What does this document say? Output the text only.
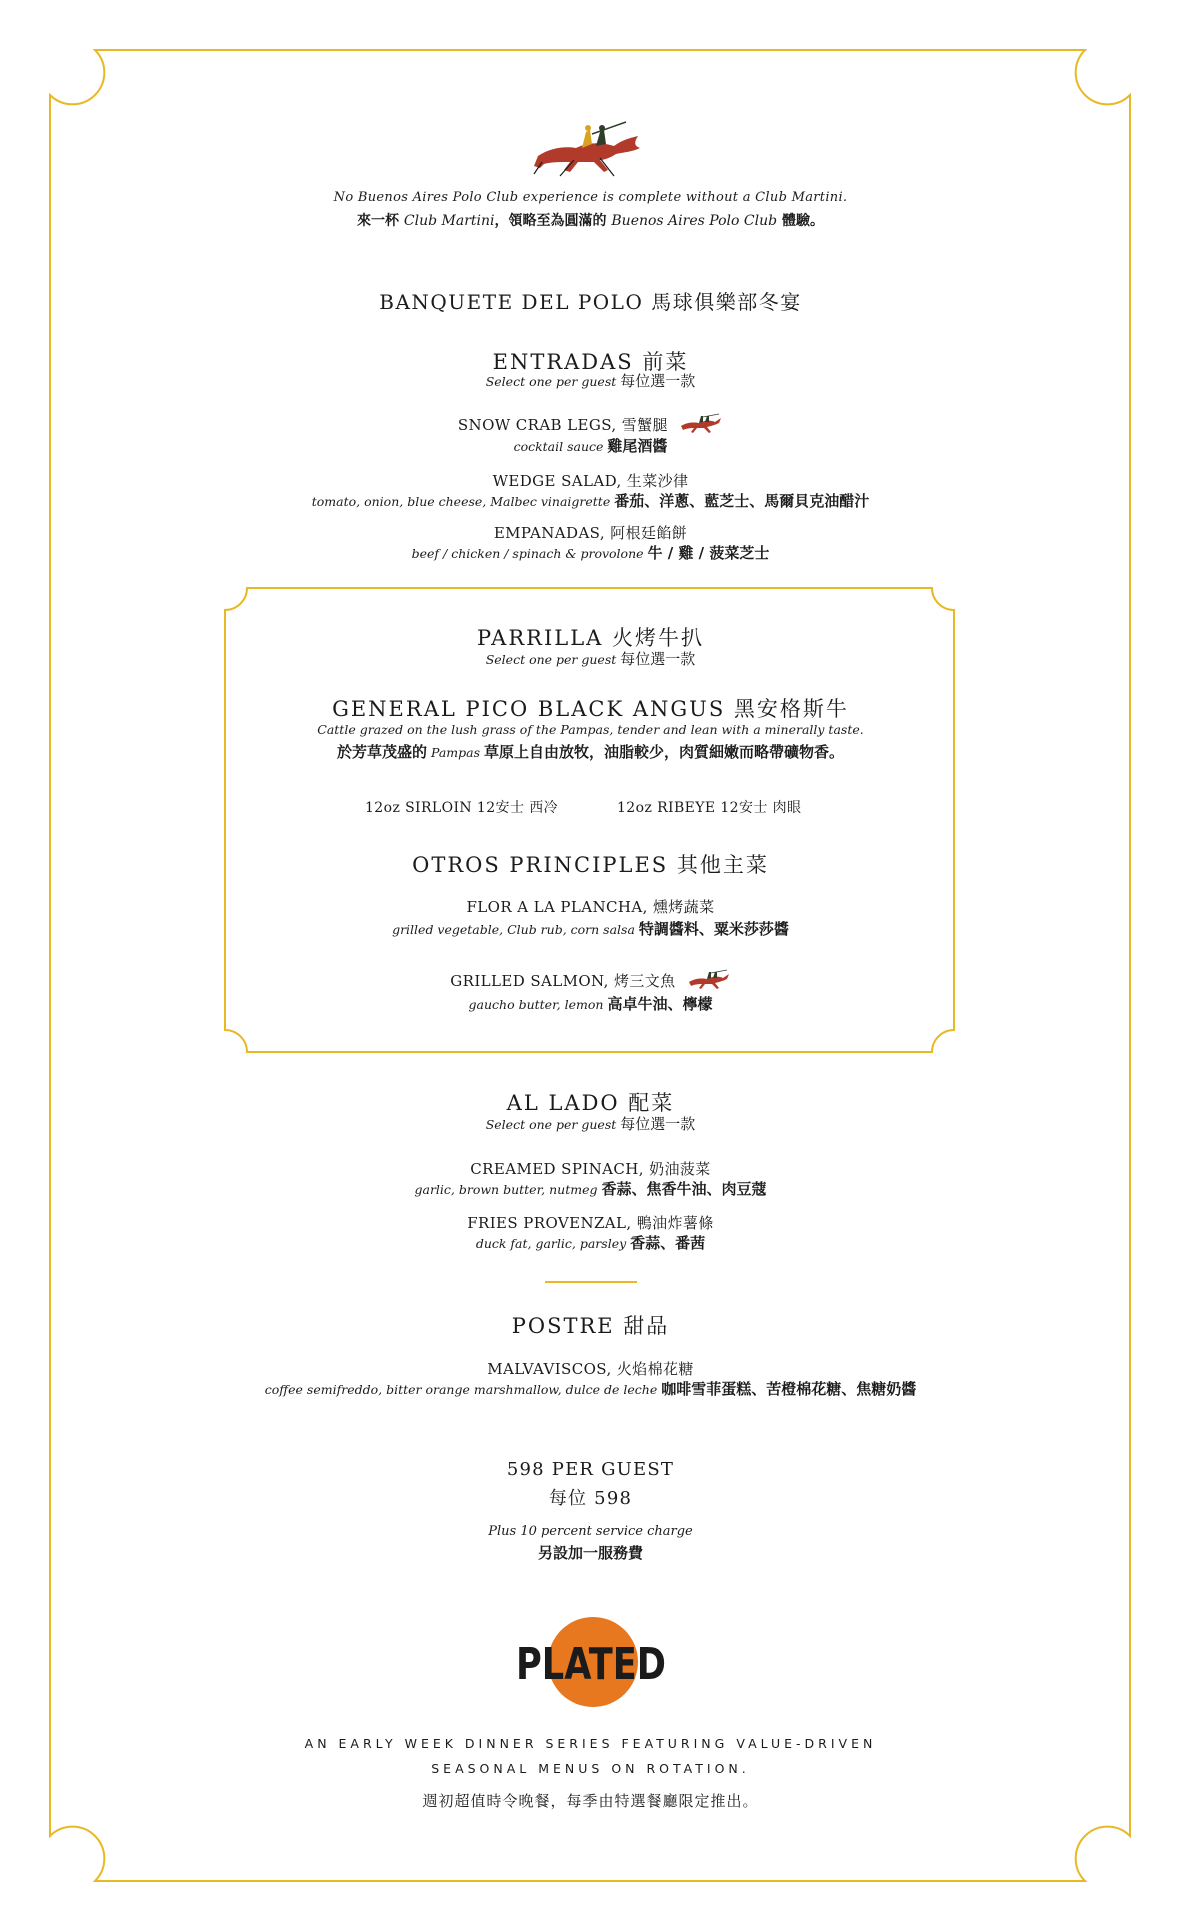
No Buenos Aires Polo Club experience is complete without a Club Martini.
來一杯 Club Martini，領略至為圓滿的 Buenos Aires Polo Club 體驗。
BANQUETE DEL POLO 馬球俱樂部冬宴
ENTRADAS 前菜
Select one per guest 每位選一款
SNOW CRAB LEGS, 雪蟹腿
cocktail sauce 雞尾酒醬
WEDGE SALAD, 生菜沙律
tomato, onion, blue cheese, Malbec vinaigrette 番茄、洋蔥、藍芝士、馬爾貝克油醋汁
EMPANADAS, 阿根廷餡餅
beef / chicken / spinach & provolone 牛 / 雞 / 菠菜芝士
PARRILLA 火烤牛扒
Select one per guest 每位選一款
GENERAL PICO BLACK ANGUS 黑安格斯牛
Cattle grazed on the lush grass of the Pampas, tender and lean with a minerally taste.
於芳草茂盛的 Pampas 草原上自由放牧，油脂較少，肉質細嫩而略帶礦物香。
12oz SIRLOIN 12安士 西冷	12oz RIBEYE 12安士 肉眼
OTROS PRINCIPLES 其他主菜
FLOR A LA PLANCHA, 燻烤蔬菜
grilled vegetable, Club rub, corn salsa 特調醬料、粟米莎莎醬
GRILLED SALMON, 烤三文魚
gaucho butter, lemon 高卓牛油、檸檬
AL LADO 配菜
Select one per guest 每位選一款
CREAMED SPINACH, 奶油菠菜
garlic, brown butter, nutmeg 香蒜、焦香牛油、肉豆蔻
FRIES PROVENZAL, 鴨油炸薯條
duck fat, garlic, parsley 香蒜、番茜
POSTRE 甜品
MALVAVISCOS, 火焰棉花糖
coffee semifreddo, bitter orange marshmallow, dulce de leche 咖啡雪菲蛋糕、苦橙棉花糖、焦糖奶醬
598 PER GUEST
每位 598
Plus 10 percent service charge
另設加一服務費
PLATED
AN EARLY WEEK DINNER SERIES FEATURING VALUE-DRIVEN
SEASONAL MENUS ON ROTATION.
週初超值時令晚餐，每季由特選餐廳限定推出。
